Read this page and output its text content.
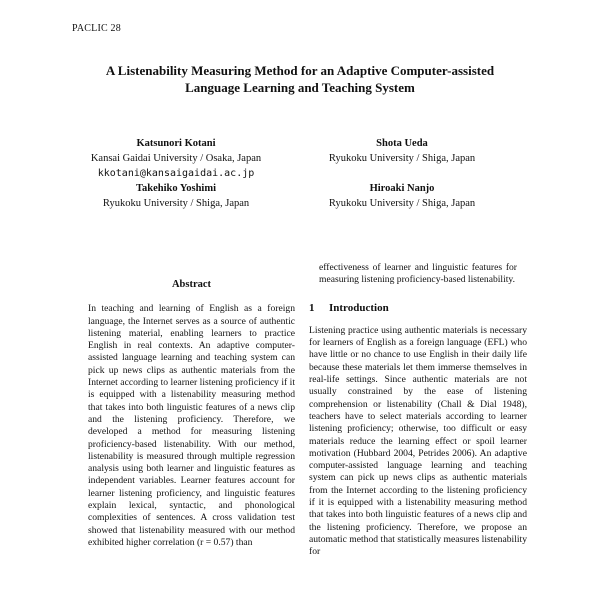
PACLIC 28
A Listenability Measuring Method for an Adaptive Computer-assisted
Language Learning and Teaching System
Katsunori Kotani
Kansai Gaidai University / Osaka, Japan
kkotani@kansaigaidai.ac.jp
Shota Ueda
Ryukoku University / Shiga, Japan
Takehiko Yoshimi
Ryukoku University / Shiga, Japan
Hiroaki Nanjo
Ryukoku University / Shiga, Japan
Abstract

In teaching and learning of English as a foreign language, the Internet serves as a source of authentic listening material, enabling learners to practice English in real contexts. An adaptive computer-assisted language learning and teaching system can pick up news clips as authentic materials from the Internet according to learner listening proficiency if it is equipped with a listenability measuring method that takes into both linguistic features of a news clip and the listening proficiency. Therefore, we developed a method for measuring listening proficiency-based listenability. With our method, listenability is measured through multiple regression analysis using both learner and linguistic features as independent variables. Learner features account for learner listening proficiency, and linguistic features explain lexical, syntactic, and phonological complexities of sentences. A cross validation test showed that listenability measured with our method exhibited higher correlation (r = 0.57) than

effectiveness of learner and linguistic features for measuring listening proficiency-based listenability.

1 Introduction

Listening practice using authentic materials is necessary for learners of English as a foreign language (EFL) who have little or no chance to use English in their daily life because these materials let them immerse themselves in real-life settings. Since authentic materials are not usually constrained by the ease of listening comprehension or listenability (Chall & Dial 1948), teachers have to select materials according to learner listening proficiency; otherwise, too difficult or easy materials reduce the learning effect or spoil learner motivation (Hubbard 2004, Petrides 2006). An adaptive computer-assisted language learning and teaching system can pick up news clips as authentic materials from the Internet according to the listening proficiency if it is equipped with a listenability measuring method that takes into both linguistic features of a news clip and the listening proficiency. Therefore, we propose an automatic method that statistically measures listenability for
